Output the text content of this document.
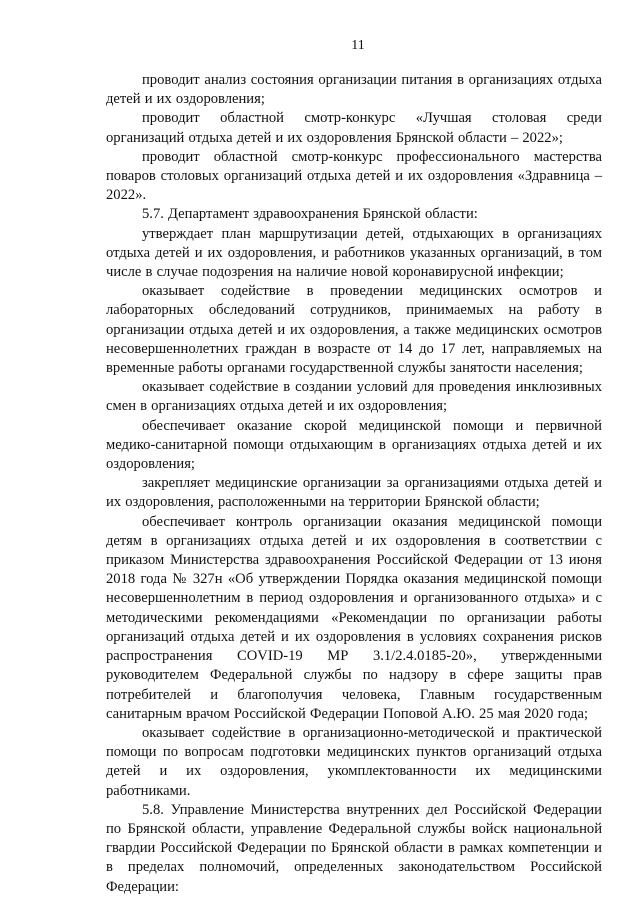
11

проводит анализ состояния организации питания в организациях отдыха детей и их оздоровления;

проводит областной смотр-конкурс «Лучшая столовая среди организаций отдыха детей и их оздоровления Брянской области – 2022»;

проводит областной смотр-конкурс профессионального мастерства поваров столовых организаций отдыха детей и их оздоровления «Здравница – 2022».

5.7. Департамент здравоохранения Брянской области:

утверждает план маршрутизации детей, отдыхающих в организациях отдыха детей и их оздоровления, и работников указанных организаций, в том числе в случае подозрения на наличие новой коронавирусной инфекции;

оказывает содействие в проведении медицинских осмотров и лабораторных обследований сотрудников, принимаемых на работу в организации отдыха детей и их оздоровления, а также медицинских осмотров несовершеннолетних граждан в возрасте от 14 до 17 лет, направляемых на временные работы органами государственной службы занятости населения;

оказывает содействие в создании условий для проведения инклюзивных смен в организациях отдыха детей и их оздоровления;

обеспечивает оказание скорой медицинской помощи и первичной медико-санитарной помощи отдыхающим в организациях отдыха детей и их оздоровления;

закрепляет медицинские организации за организациями отдыха детей и их оздоровления, расположенными на территории Брянской области;

обеспечивает контроль организации оказания медицинской помощи детям в организациях отдыха детей и их оздоровления в соответствии с приказом Министерства здравоохранения Российской Федерации от 13 июня 2018 года № 327н «Об утверждении Порядка оказания медицинской помощи несовершеннолетним в период оздоровления и организованного отдыха» и с методическими рекомендациями «Рекомендации по организации работы организаций отдыха детей и их оздоровления в условиях сохранения рисков распространения COVID-19 МР 3.1/2.4.0185-20», утвержденными руководителем Федеральной службы по надзору в сфере защиты прав потребителей и благополучия человека, Главным государственным санитарным врачом Российской Федерации Поповой А.Ю. 25 мая 2020 года;

оказывает содействие в организационно-методической и практической помощи по вопросам подготовки медицинских пунктов организаций отдыха детей и их оздоровления, укомплектованности их медицинскими работниками.

5.8. Управление Министерства внутренних дел Российской Федерации по Брянской области, управление Федеральной службы войск национальной гвардии Российской Федерации по Брянской области в рамках компетенции и в пределах полномочий, определенных законодательством Российской Федерации:
